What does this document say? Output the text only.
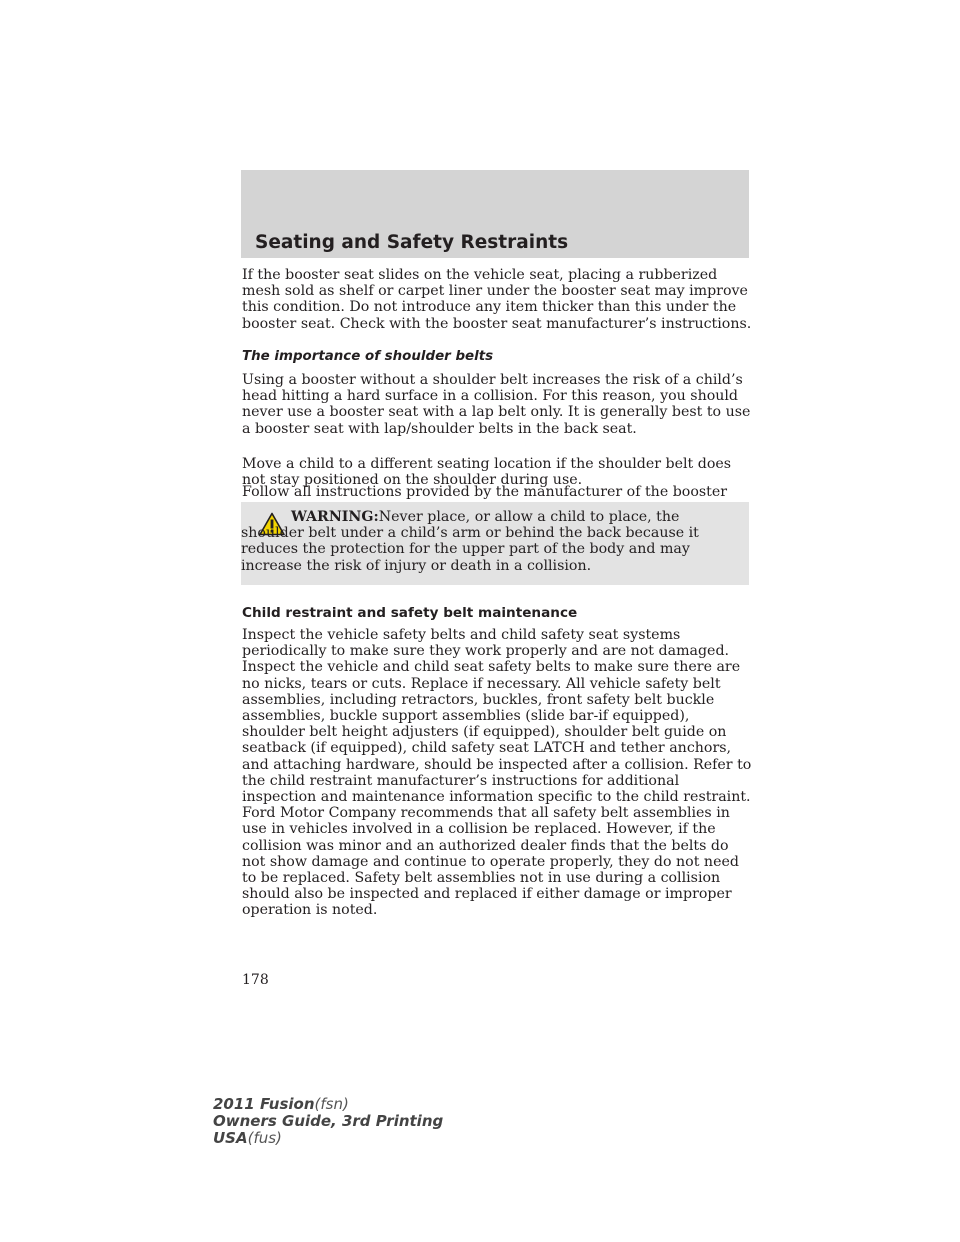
Seating and Safety Restraints

If the booster seat slides on the vehicle seat, placing a rubberized mesh sold as shelf or carpet liner under the booster seat may improve this condition. Do not introduce any item thicker than this under the booster seat. Check with the booster seat manufacturer’s instructions.

The importance of shoulder belts

Using a booster without a shoulder belt increases the risk of a child’s head hitting a hard surface in a collision. For this reason, you should never use a booster seat with a lap belt only. It is generally best to use a booster seat with lap/shoulder belts in the back seat.

Move a child to a different seating location if the shoulder belt does not stay positioned on the shoulder during use.

Follow all instructions provided by the manufacturer of the booster

WARNING:Never place, or allow a child to place, the shoulder belt under a child’s arm or behind the back because it reduces the protection for the upper part of the body and may increase the risk of injury or death in a collision.

Child restraint and safety belt maintenance

Inspect the vehicle safety belts and child safety seat systems periodically to make sure they work properly and are not damaged. Inspect the vehicle and child seat safety belts to make sure there are no nicks, tears or cuts. Replace if necessary. All vehicle safety belt assemblies, including retractors, buckles, front safety belt buckle assemblies, buckle support assemblies (slide bar-if equipped), shoulder belt height adjusters (if equipped), shoulder belt guide on seatback (if equipped), child safety seat LATCH and tether anchors, and attaching hardware, should be inspected after a collision. Refer to the child restraint manufacturer’s instructions for additional inspection and maintenance information specific to the child restraint. Ford Motor Company recommends that all safety belt assemblies in use in vehicles involved in a collision be replaced. However, if the collision was minor and an authorized dealer finds that the belts do not show damage and continue to operate properly, they do not need to be replaced. Safety belt assemblies not in use during a collision should also be inspected and replaced if either damage or improper operation is noted.

178
2011 Fusion(fsn)
Owners Guide, 3rd Printing
USA(fus)
